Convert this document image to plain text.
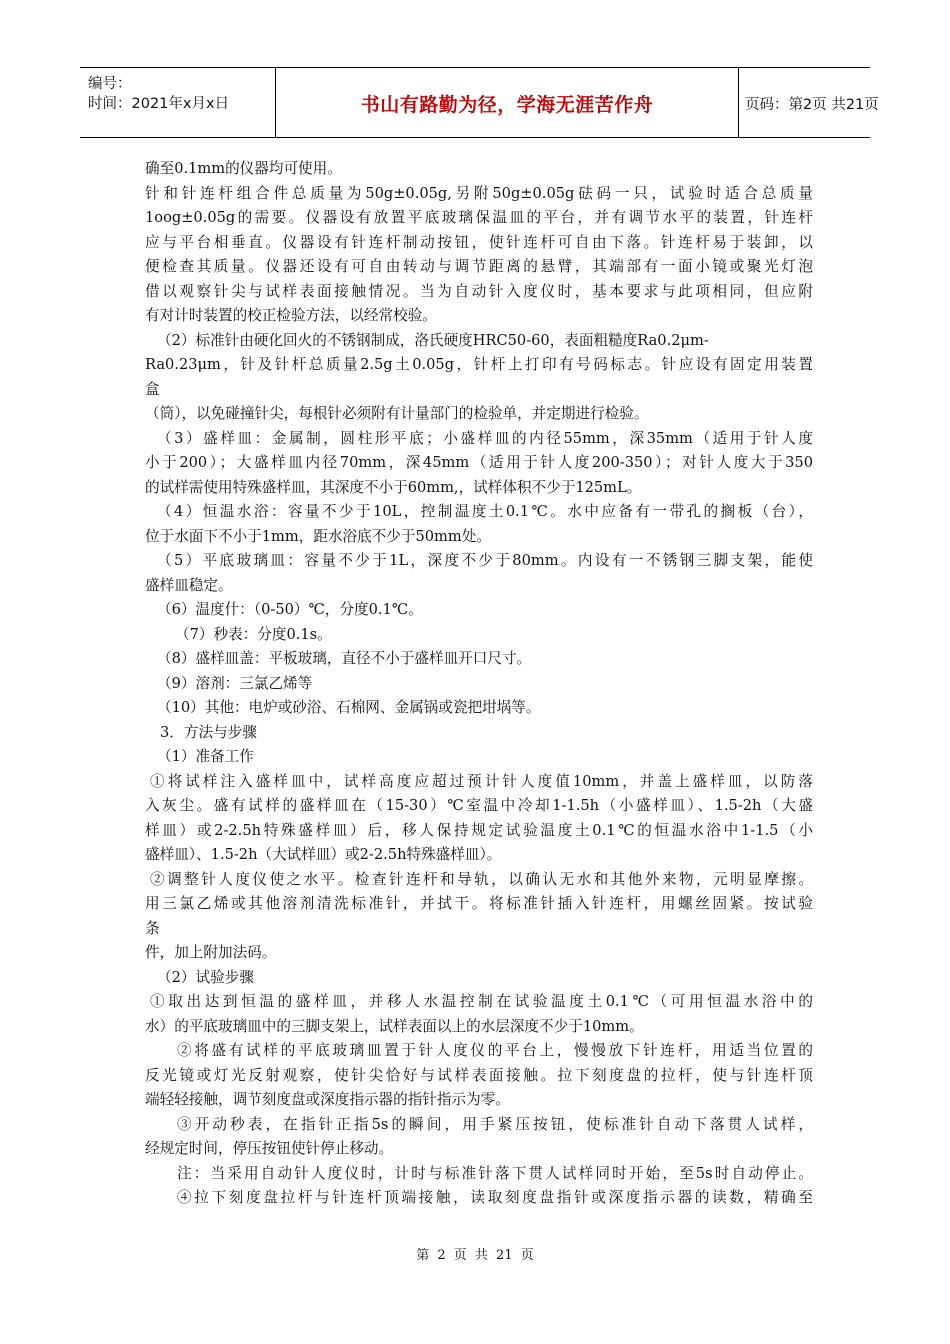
编号：
时间：2021年x月x日	书山有路勤为径，学海无涯苦作舟	页码：第2页 共21页
确至0.1mm的仪器均可使用。
针和针连杆组合件总质量为50g±0.05g,另附50g±0.05g砝码一只，试验时适合总质量
1oog±0.05g的需要。仪器设有放置平底玻璃保温皿的平台，并有调节水平的装置，针连杆
应与平台相垂直。仪器设有针连杆制动按钮，使针连杆可自由下落。针连杆易于装卸，以
便检查其质量。仪器还设有可自由转动与调节距离的悬臂，其端部有一面小镜或聚光灯泡
借以观察针尖与试样表面接触情况。当为自动针入度仪时，基本要求与此项相同，但应附
有对计时装置的校正检验方法，以经常校验。
（2）标准针由硬化回火的不锈钢制成，洛氏硬度HRC50-60，表面粗糙度Ra0.2μm-
Ra0.23μm，针及针杆总质量2.5g土0.05g，针杆上打印有号码标志。针应设有固定用装置
盒
（筒），以免碰撞针尖，每根针必须附有计量部门的检验单，并定期进行检验。
（3）盛样皿：金属制，圆柱形平底；小盛样皿的内径55mm，深35mm（适用于针人度
小于200）；大盛样皿内径70mm，深45mm（适用于针人度200-350）；对针人度大于350
的试样需使用特殊盛样皿，其深度不小于60mm,，试样体积不少于125mL。
（4）恒温水浴：容量不少于10L，控制温度土0.1℃。水中应备有一带孔的搁板（台），
位于水面下不小于1mm，距水浴底不少于50mm处。
（5）平底玻璃皿：容量不少于1L，深度不少于80mm。内设有一不锈钢三脚支架，能使
盛样皿稳定。
（6）温度什：（0-50）℃，分度0.1℃。
（7）秒表：分度0.1s。
（8）盛样皿盖：平板玻璃，直径不小于盛样皿开口尺寸。
（9）溶剂：三氯乙烯等
（10）其他：电炉或砂浴、石棉网、金属锅或瓷把坩埚等。
3．方法与步骤
（1）准备工作
①将试样注入盛样皿中，试样高度应超过预计针人度值10mm，并盖上盛样皿，以防落
入灰尘。盛有试样的盛样皿在（15-30）℃室温中冷却1-1.5h（小盛样皿）、1.5-2h（大盛
样皿）或2-2.5h特殊盛样皿）后，移人保持规定试验温度土0.1℃的恒温水浴中1-1.5（小
盛样皿）、1.5-2h（大试样皿）或2-2.5h特殊盛样皿）。
②调整针人度仪使之水平。检查针连杆和导轨，以确认无水和其他外来物，元明显摩擦。
用三氯乙烯或其他溶剂清洗标准针，并拭干。将标准针插入针连杆，用螺丝固紧。按试验
条
件，加上附加法码。
（2）试验步骤
①取出达到恒温的盛样皿，并移人水温控制在试验温度土0.1℃（可用恒温水浴中的
水）的平底玻璃皿中的三脚支架上，试样表面以上的水层深度不少于10mm。
②将盛有试样的平底玻璃皿置于针人度仪的平台上，慢慢放下针连杆，用适当位置的
反光镜或灯光反射观察，使针尖恰好与试样表面接触。拉下刻度盘的拉杆，使与针连杆顶
端轻轻接触，调节刻度盘或深度指示器的指针指示为零。
③开动秒表，在指针正指5s的瞬间，用手紧压按钮，使标准针自动下落贯人试样，
经规定时间，停压按钮使针停止移动。
注：当采用自动针人度仪时，计时与标准针落下贯人试样同时开始，至5s时自动停止。
④拉下刻度盘拉杆与针连杆顶端接触，读取刻度盘指针或深度指示器的读数，精确至
第 2 页 共 21 页
